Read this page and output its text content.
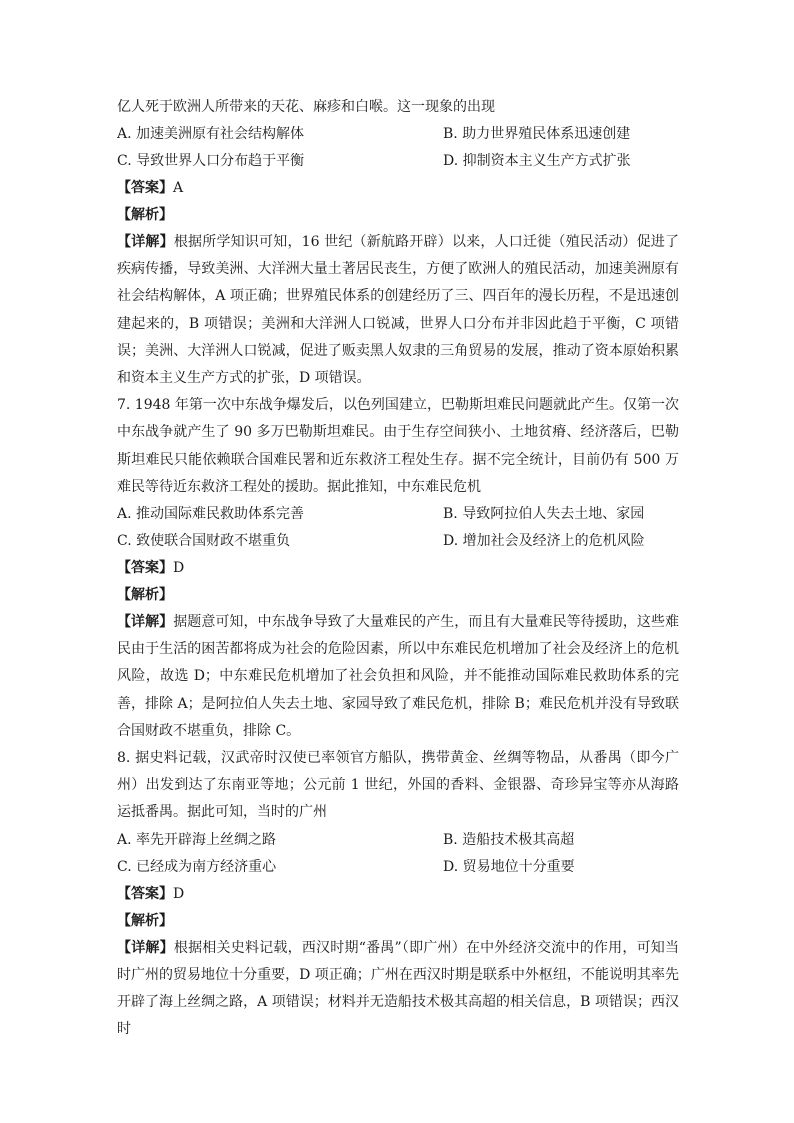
亿人死于欧洲人所带来的天花、麻疹和白喉。这一现象的出现
A. 加速美洲原有社会结构解体	B. 助力世界殖民体系迅速创建
C. 导致世界人口分布趋于平衡	D. 抑制资本主义生产方式扩张
【答案】A
【解析】
【详解】根据所学知识可知，16 世纪（新航路开辟）以来，人口迁徙（殖民活动）促进了疾病传播，导致美洲、大洋洲大量土著居民丧生，方便了欧洲人的殖民活动，加速美洲原有社会结构解体，A 项正确；世界殖民体系的创建经历了三、四百年的漫长历程，不是迅速创建起来的，B 项错误；美洲和大洋洲人口锐减，世界人口分布并非因此趋于平衡，C 项错误；美洲、大洋洲人口锐减，促进了贩卖黑人奴隶的三角贸易的发展，推动了资本原始积累和资本主义生产方式的扩张，D 项错误。
7. 1948 年第一次中东战争爆发后，以色列国建立，巴勒斯坦难民问题就此产生。仅第一次中东战争就产生了 90 多万巴勒斯坦难民。由于生存空间狭小、土地贫瘠、经济落后，巴勒斯坦难民只能依赖联合国难民署和近东救济工程处生存。据不完全统计，目前仍有 500 万难民等待近东救济工程处的援助。据此推知，中东难民危机
A. 推动国际难民救助体系完善	B. 导致阿拉伯人失去土地、家园
C. 致使联合国财政不堪重负	D. 增加社会及经济上的危机风险
【答案】D
【解析】
【详解】据题意可知，中东战争导致了大量难民的产生，而且有大量难民等待援助，这些难民由于生活的困苦都将成为社会的危险因素，所以中东难民危机增加了社会及经济上的危机风险，故选 D；中东难民危机增加了社会负担和风险，并不能推动国际难民救助体系的完善，排除 A；是阿拉伯人失去土地、家园导致了难民危机，排除 B；难民危机并没有导致联合国财政不堪重负，排除 C。
8. 据史料记载，汉武帝时汉使已率领官方船队，携带黄金、丝绸等物品，从番禺（即今广州）出发到达了东南亚等地；公元前 1 世纪，外国的香料、金银器、奇珍异宝等亦从海路运抵番禺。据此可知，当时的广州
A. 率先开辟海上丝绸之路	B. 造船技术极其高超
C. 已经成为南方经济重心	D. 贸易地位十分重要
【答案】D
【解析】
【详解】根据相关史料记载，西汉时期“番禺”（即广州）在中外经济交流中的作用，可知当时广州的贸易地位十分重要，D 项正确；广州在西汉时期是联系中外枢纽，不能说明其率先开辟了海上丝绸之路，A 项错误；材料并无造船技术极其高超的相关信息，B 项错误；西汉时
